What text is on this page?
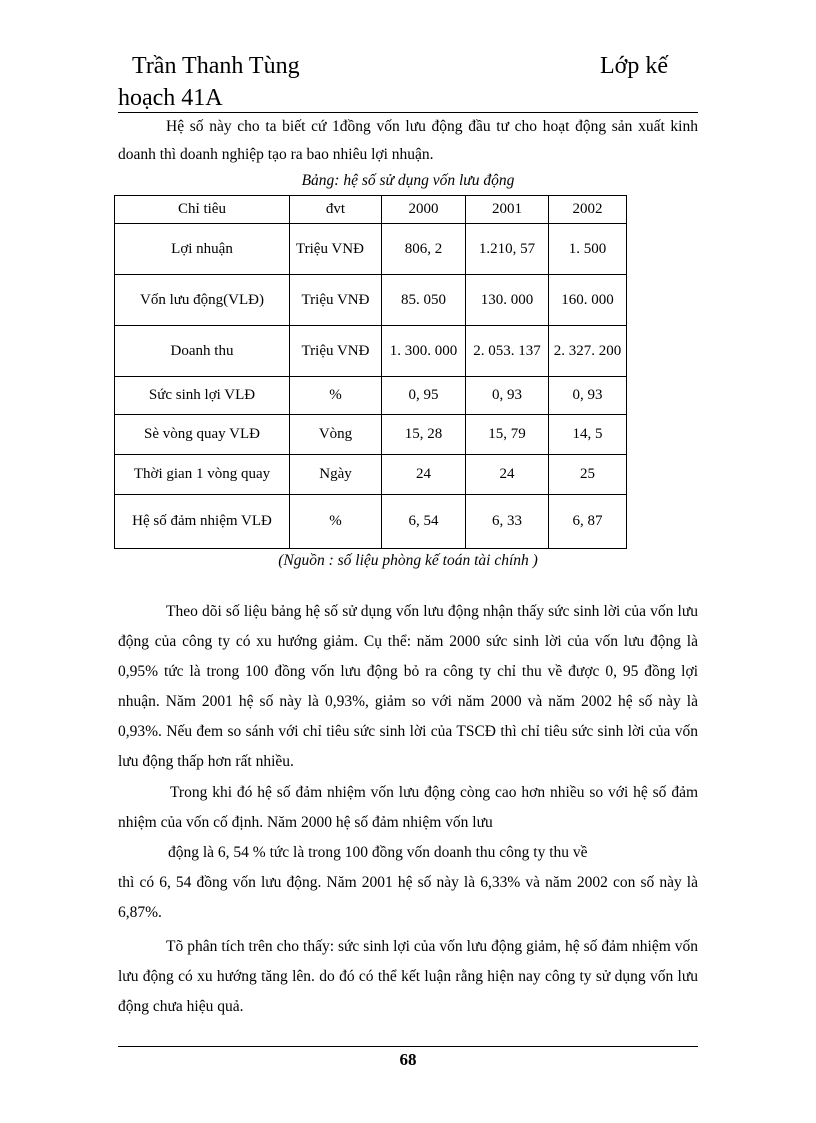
Trần Thanh Tùng
hoạch 41A
Lớp kế

Hệ số này cho ta biết cứ 1đồng vốn lưu động đầu tư cho hoạt động sản xuất kinh doanh thì doanh nghiệp tạo ra bao nhiêu lợi nhuận.

Bảng: hệ số sử dụng vốn lưu động
Chỉ tiêu	đvt	2000	2001	2002
Lợi nhuận	Triệu VNĐ	806, 2	1.210, 57	1. 500
Vốn lưu động(VLĐ)	Triệu VNĐ	85. 050	130. 000	160. 000
Doanh thu	Triệu VNĐ	1. 300. 000	2. 053. 137	2. 327. 200
Sức sinh lợi VLĐ	%	0, 95	0, 93	0, 93
Sè vòng quay VLĐ	Vòng	15, 28	15, 79	14, 5
Thời gian 1 vòng quay	Ngày	24	24	25
Hệ số đảm nhiệm VLĐ	%	6, 54	6, 33	6, 87
(Nguồn : số liệu phòng kế toán tài chính )

Theo dõi số liệu bảng hệ số sử dụng vốn lưu động nhận thấy sức sinh lời của vốn lưu động của công ty có xu hướng giảm. Cụ thể: năm 2000 sức sinh lời của vốn lưu động là 0,95% tức là trong 100 đồng vốn lưu động bỏ ra công ty chỉ thu về được 0, 95 đồng lợi nhuận. Năm 2001 hệ số này là 0,93%, giảm so với năm 2000 và năm 2002 hệ số này là 0,93%. Nếu đem so sánh với chỉ tiêu sức sinh lời của TSCĐ thì chỉ tiêu sức sinh lời của vốn lưu động thấp hơn rất nhiều.

Trong khi đó hệ số đảm nhiệm vốn lưu động còng cao hơn nhiều so với hệ số đảm nhiệm của vốn cố định. Năm 2000 hệ số đảm nhiệm vốn lưu
động là 6, 54 % tức là trong 100 đồng vốn doanh thu công ty thu về

thì có 6, 54 đồng vốn lưu động. Năm 2001 hệ số này là 6,33% và năm 2002 con số này là 6,87%.

Tõ phân tích trên cho thấy: sức sinh lợi của vốn lưu động giảm, hệ số đảm nhiệm vốn lưu động có xu hướng tăng lên. do đó có thể kết luận rằng hiện nay công ty sử dụng vốn lưu động chưa hiệu quả.

68
